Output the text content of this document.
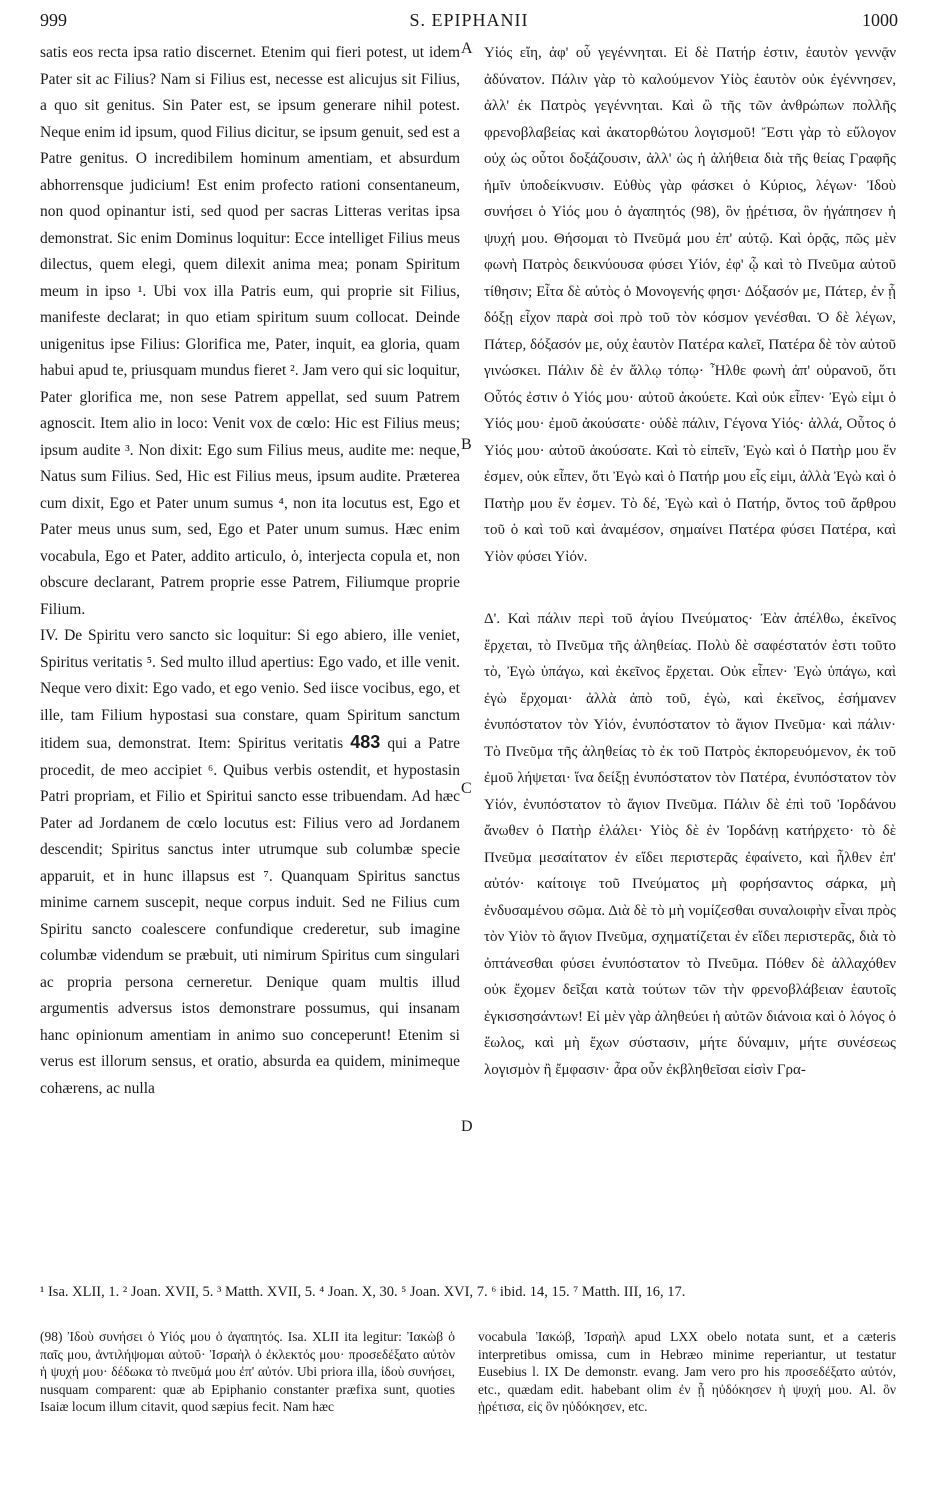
999	S. EPIPHANII	1000

satis eos recta ipsa ratio discernet. Etenim qui fieri potest, ut idem Pater sit ac Filius? Nam si Filius est, necesse est alicujus sit Filius, a quo sit genitus. Sin Pater est, se ipsum generare nihil potest. Neque enim id ipsum, quod Filius dicitur, se ipsum genuit, sed est a Patre genitus. O incredibilem hominum amentiam, et absurdum abhorrensque judicium! Est enim profecto rationi consentaneum, non quod opinantur isti, sed quod per sacras Litteras veritas ipsa demonstrat. Sic enim Dominus loquitur: Ecce intelliget Filius meus dilectus, quem elegi, quem dilexit anima mea; ponam Spiritum meum in ipso ¹. Ubi vox illa Patris eum, qui proprie sit Filius, manifeste declarat; in quo etiam spiritum suum collocat. Deinde unigenitus ipse Filius: Glorifica me, Pater, inquit, ea gloria, quam habui apud te, priusquam mundus fieret ². Jam vero qui sic loquitur, Pater glorifica me, non sese Patrem appellat, sed suum Patrem agnoscit. Item alio in loco: Venit vox de cœlo: Hic est Filius meus; ipsum audite ³. Non dixit: Ego sum Filius meus, audite me: neque, Natus sum Filius. Sed, Hic est Filius meus, ipsum audite. Præterea cum dixit, Ego et Pater unum sumus ⁴, non ita locutus est, Ego et Pater meus unus sum, sed, Ego et Pater unum sumus. Hæc enim vocabula, Ego et Pater, addito articulo, ὁ, interjecta copula et, non obscure declarant, Patrem proprie esse Patrem, Filiumque proprie Filium.

IV. De Spiritu vero sancto sic loquitur: Si ego abiero, ille veniet, Spiritus veritatis ⁵. Sed multo illud apertius: Ego vado, et ille venit. Neque vero dixit: Ego vado, et ego venio. Sed iisce vocibus, ego, et ille, tam Filium hypostasi sua constare, quam Spiritum sanctum itidem sua, demonstrat. Item: Spiritus veritatis 483 qui a Patre procedit, de meo accipiet ⁶. Quibus verbis ostendit, et hypostasin Patri propriam, et Filio et Spiritui sancto esse tribuendam. Ad hæc Pater ad Jordanem de cœlo locutus est: Filius vero ad Jordanem descendit; Spiritus sanctus inter utrumque sub columbæ specie apparuit, et in hunc illapsus est ⁷. Quanquam Spiritus sanctus minime carnem suscepit, neque corpus induit. Sed ne Filius cum Spiritu sancto coalescere confundique crederetur, sub imagine columbæ videndum se præbuit, uti nimirum Spiritus cum singulari ac propria persona cerneretur. Denique quam multis illud argumentis adversus istos demonstrare possumus, qui insanam hanc opinionum amentiam in animo suo conceperunt! Etenim si verus est illorum sensus, et oratio, absurda ea quidem, minimeque cohærens, ac nulla

A
B
C
D

Υἱός εἴη, ἀφ' οὗ γεγέννηται. Εἰ δὲ Πατήρ ἐστιν, ἑαυτὸν γεννᾷν ἀδύνατον. Πάλιν γὰρ τὸ καλούμενον Υἱὸς ἑαυτὸν οὐκ ἐγέννησεν, ἀλλ' ἐκ Πατρὸς γεγέννηται. Καὶ ὢ τῆς τῶν ἀνθρώπων πολλῆς φρενοβλαβείας καὶ ἀκατορθώτου λογισμοῦ! Ἔστι γὰρ τὸ εὔλογον οὐχ ὡς οὗτοι δοξάζουσιν, ἀλλ' ὡς ἡ ἀλήθεια διὰ τῆς θείας Γραφῆς ἡμῖν ὑποδείκνυσιν. Εὐθὺς γὰρ φάσκει ὁ Κύριος, λέγων· Ἰδοὺ συνήσει ὁ Υἱός μου ὁ ἀγαπητός (98), ὃν ᾑρέτισα, ὃν ἠγάπησεν ἡ ψυχή μου. Θήσομαι τὸ Πνεῦμά μου ἐπ' αὐτῷ. Καὶ ὁρᾷς, πῶς μὲν φωνὴ Πατρὸς δεικνύουσα φύσει Υἱόν, ἐφ' ᾧ καὶ τὸ Πνεῦμα αὐτοῦ τίθησιν; Εἶτα δὲ αὐτὸς ὁ Μονογενής φησι· Δόξασόν με, Πάτερ, ἐν ᾗ δόξῃ εἶχον παρὰ σοὶ πρὸ τοῦ τὸν κόσμον γενέσθαι. Ὁ δὲ λέγων, Πάτερ, δόξασόν με, οὐχ ἑαυτὸν Πατέρα καλεῖ, Πατέρα δὲ τὸν αὐτοῦ γινώσκει. Πάλιν δὲ ἐν ἄλλῳ τόπῳ· Ἦλθε φωνὴ ἀπ' οὐρανοῦ, ὅτι Οὗτός ἐστιν ὁ Υἱός μου· αὐτοῦ ἀκούετε. Καὶ οὐκ εἶπεν· Ἐγὼ εἰμι ὁ Υἱός μου· ἐμοῦ ἀκούσατε· οὐδὲ πάλιν, Γέγονα Υἱός· ἀλλά, Οὗτος ὁ Υἱός μου· αὐτοῦ ἀκούσατε. Καὶ τὸ εἰπεῖν, Ἐγὼ καὶ ὁ Πατὴρ μου ἕν ἐσμεν, οὐκ εἶπεν, ὅτι Ἐγὼ καὶ ὁ Πατήρ μου εἷς εἰμι, ἀλλὰ Ἐγὼ καὶ ὁ Πατὴρ μου ἕν ἐσμεν. Τὸ δέ, Ἐγὼ καὶ ὁ Πατήρ, ὄντος τοῦ ἄρθρου τοῦ ὁ καὶ τοῦ καὶ ἀναμέσον, σημαίνει Πατέρα φύσει Πατέρα, καὶ Υἱὸν φύσει Υἱόν.

Δ'. Καὶ πάλιν περὶ τοῦ ἁγίου Πνεύματος· Ἐὰν ἀπέλθω, ἐκεῖνος ἔρχεται, τὸ Πνεῦμα τῆς ἀληθείας. Πολὺ δὲ σαφέστατόν ἐστι τοῦτο τὸ, Ἐγὼ ὑπάγω, καὶ ἐκεῖνος ἔρχεται. Οὐκ εἶπεν· Ἐγὼ ὑπάγω, καὶ ἐγὼ ἔρχομαι· ἀλλὰ ἀπὸ τοῦ, ἐγὼ, καὶ ἐκεῖνος, ἐσήμανεν ἐνυπόστατον τὸν Υἱόν, ἐνυπόστατον τὸ ἅγιον Πνεῦμα· καὶ πάλιν· Τὸ Πνεῦμα τῆς ἀληθείας τὸ ἐκ τοῦ Πατρὸς ἐκπορευόμενον, ἐκ τοῦ ἐμοῦ λήψεται· ἵνα δείξῃ ἐνυπόστατον τὸν Πατέρα, ἐνυπόστατον τὸν Υἱόν, ἐνυπόστατον τὸ ἅγιον Πνεῦμα. Πάλιν δὲ ἐπὶ τοῦ Ἰορδάνου ἄνωθεν ὁ Πατὴρ ἐλάλει· Υἱὸς δὲ ἐν Ἰορδάνῃ κατήρχετο· τὸ δὲ Πνεῦμα μεσαίτατον ἐν εἴδει περιστερᾶς ἐφαίνετο, καὶ ἦλθεν ἐπ' αὐτόν· καίτοιγε τοῦ Πνεύματος μὴ φορήσαντος σάρκα, μὴ ἐνδυσαμένου σῶμα. Διὰ δὲ τὸ μὴ νομίζεσθαι συναλοιφὴν εἶναι πρὸς τὸν Υἱὸν τὸ ἅγιον Πνεῦμα, σχηματίζεται ἐν εἴδει περιστερᾶς, διὰ τὸ ὀπτάνεσθαι φύσει ἐνυπόστατον τὸ Πνεῦμα. Πόθεν δὲ ἀλλαχόθεν οὐκ ἔχομεν δεῖξαι κατὰ τούτων τῶν τὴν φρενοβλάβειαν ἑαυτοῖς ἐγκισσησάντων! Εἰ μὲν γὰρ ἀληθεύει ἡ αὐτῶν διάνοια καὶ ὁ λόγος ὁ ἕωλος, καὶ μὴ ἔχων σύστασιν, μήτε δύναμιν, μήτε συνέσεως λογισμὸν ἢ ἔμφασιν· ἆρα οὖν ἐκβληθεῖσαι εἰσὶν Γρα-

¹ Isa. XLII, 1. ² Joan. XVII, 5. ³ Matth. XVII, 5. ⁴ Joan. X, 30. ⁵ Joan. XVI, 7. ⁶ ibid. 14, 15. ⁷ Matth. III, 16, 17.

(98) Ἰδοὺ συνήσει ὁ Υἱός μου ὁ ἀγαπητός. Isa. XLII ita legitur: Ἰακὼβ ὁ παῖς μου, ἀντιλήψομαι αὐτοῦ· Ἰσραὴλ ὁ ἐκλεκτός μου· προσεδέξατο αὐτὸν ἡ ψυχή μου· δέδωκα τὸ πνεῦμά μου ἐπ' αὐτόν. Ubi priora illa, ἰδοὺ συνήσει, nusquam comparent: quæ ab Epiphanio constanter præfixa sunt, quoties Isaiæ locum illum citavit, quod sæpius fecit. Nam hæc

vocabula Ἰακώβ, Ἰσραὴλ apud LXX obelo notata sunt, et a cæteris interpretibus omissa, cum in Hebræo minime reperiantur, ut testatur Eusebius l. IX De demonstr. evang. Jam vero pro his προσεδέξατο αὐτόν, etc., quædam edit. habebant olim ἐν ᾗ ηὐδόκησεν ἡ ψυχή μου. Al. ὃν ᾑρέτισα, εἰς ὃν ηὐδόκησεν, etc.
